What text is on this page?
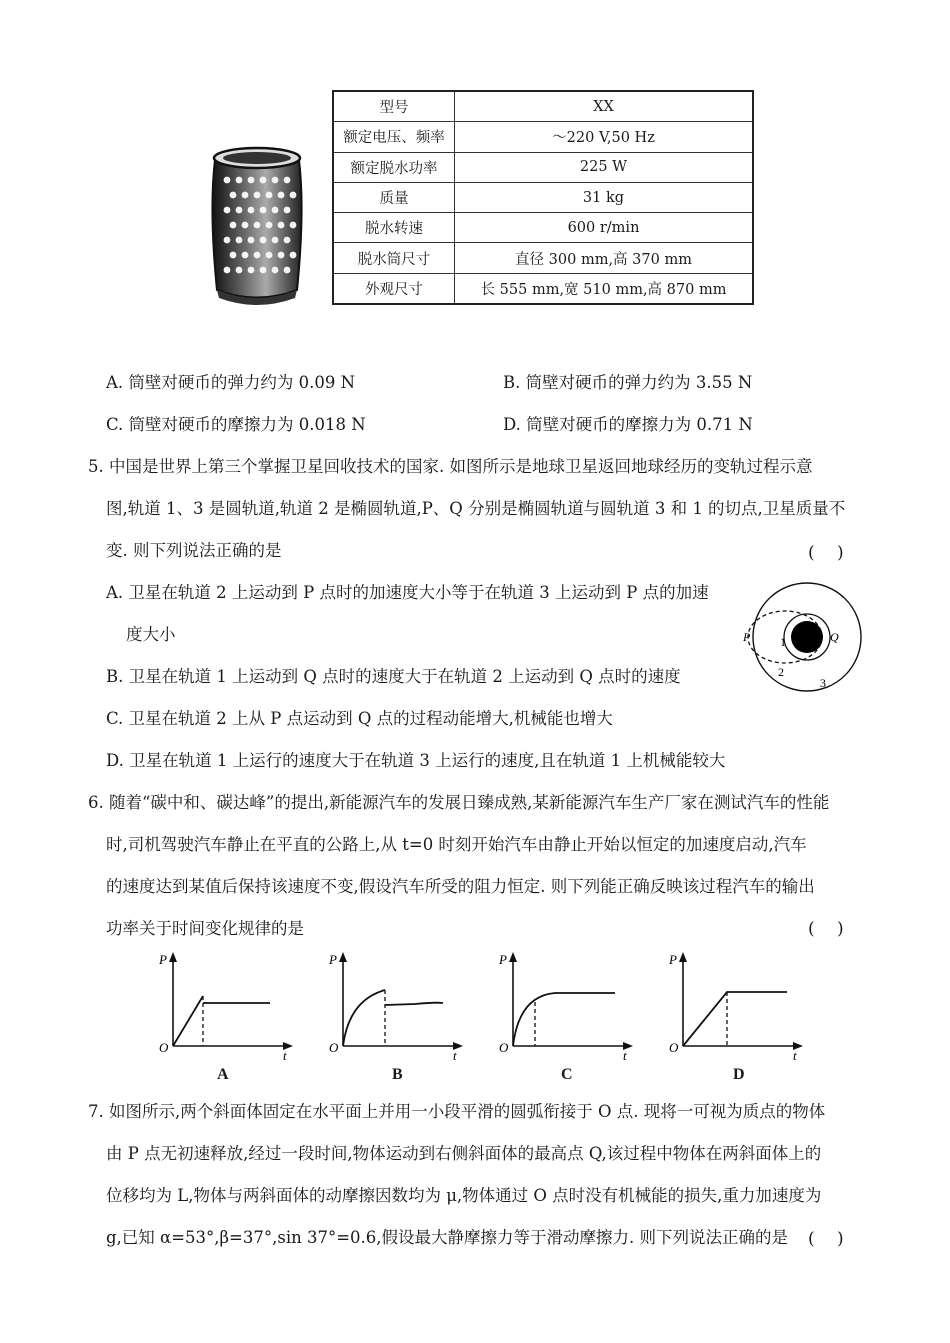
型号	XX
额定电压、频率	～220 V,50 Hz
额定脱水功率	225 W
质量	31 kg
脱水转速	600 r/min
脱水筒尺寸	直径 300 mm,高 370 mm
外观尺寸	长 555 mm,宽 510 mm,高 870 mm
A. 筒壁对硬币的弹力约为 0.09 N	B. 筒壁对硬币的弹力约为 3.55 N
C. 筒壁对硬币的摩擦力为 0.018 N	D. 筒壁对硬币的摩擦力为 0.71 N
5. 中国是世界上第三个掌握卫星回收技术的国家. 如图所示是地球卫星返回地球经历的变轨过程示意
图,轨道 1、3 是圆轨道,轨道 2 是椭圆轨道,P、Q 分别是椭圆轨道与圆轨道 3 和 1 的切点,卫星质量不
变. 则下列说法正确的是	(　 )
A. 卫星在轨道 2 上运动到 P 点时的加速度大小等于在轨道 3 上运动到 P 点的加速
度大小
B. 卫星在轨道 1 上运动到 Q 点时的速度大于在轨道 2 上运动到 Q 点时的速度
C. 卫星在轨道 2 上从 P 点运动到 Q 点的过程动能增大,机械能也增大
D. 卫星在轨道 1 上运行的速度大于在轨道 3 上运行的速度,且在轨道 1 上机械能较大
P	Q
1
2
3
6. 随着“碳中和、碳达峰”的提出,新能源汽车的发展日臻成熟,某新能源汽车生产厂家在测试汽车的性能
时,司机驾驶汽车静止在平直的公路上,从 t=0 时刻开始汽车由静止开始以恒定的加速度启动,汽车
的速度达到某值后保持该速度不变,假设汽车所受的阻力恒定. 则下列能正确反映该过程汽车的输出
功率关于时间变化规律的是	(　 )
P
O
t
A
P
O
t
B
P
O
t
C
P
O
t
D
7. 如图所示,两个斜面体固定在水平面上并用一小段平滑的圆弧衔接于 O 点. 现将一可视为质点的物体
由 P 点无初速释放,经过一段时间,物体运动到右侧斜面体的最高点 Q,该过程中物体在两斜面体上的
位移均为 L,物体与两斜面体的动摩擦因数均为 μ,物体通过 O 点时没有机械能的损失,重力加速度为
g,已知 α=53°,β=37°,sin 37°=0.6,假设最大静摩擦力等于滑动摩擦力. 则下列说法正确的是 (　 )
